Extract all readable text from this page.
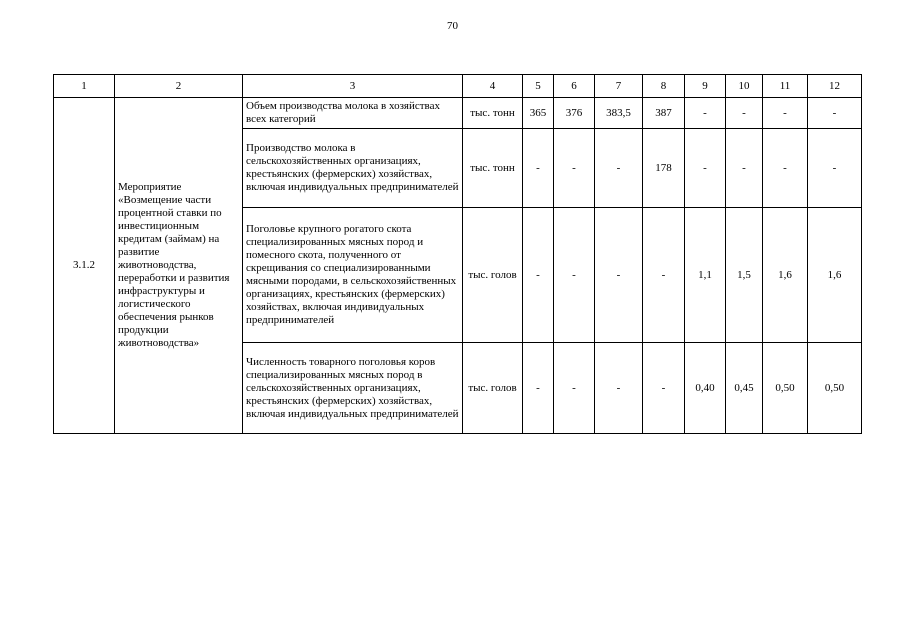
70
1	2	3	4	5	6	7	8	9	10	11	12
3.1.2	Мероприятие «Возмещение части процентной ставки по инвестиционным кредитам (займам) на развитие животноводства, переработки и развития инфраструктуры и логистического обеспечения рынков продукции животноводства»	Объем производства молока в хозяйствах всех категорий	тыс. тонн	365	376	383,5	387	-	-	-	-
		Производство молока в сельскохозяйственных организациях, крестьянских (фермерских) хозяйствах, включая индивидуальных предпринимателей	тыс. тонн	-	-	-	178	-	-	-	-
		Поголовье крупного рогатого скота специализированных мясных пород и помесного скота, полученного от скрещивания со специализированными мясными породами, в сельскохозяйственных организациях, крестьянских (фермерских) хозяйствах, включая индивидуальных предпринимателей	тыс. голов	-	-	-	-	1,1	1,5	1,6	1,6
		Численность товарного поголовья коров специализированных мясных пород в сельскохозяйственных организациях, крестьянских (фермерских) хозяйствах, включая индивидуальных предпринимателей	тыс. голов	-	-	-	-	0,40	0,45	0,50	0,50
